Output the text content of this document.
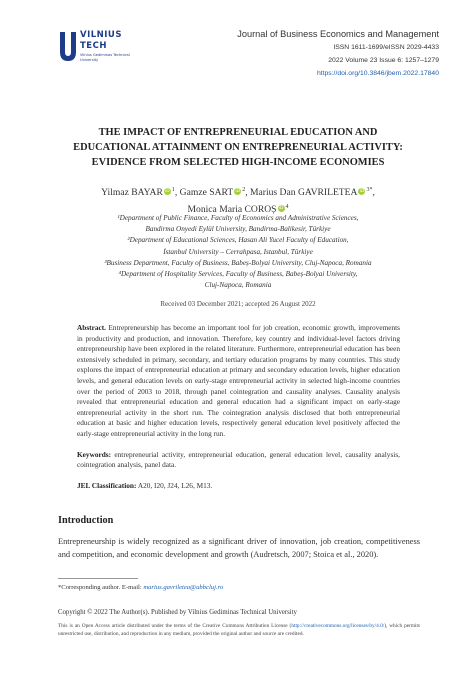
VILNIUS
TECH
Vilnius Gediminas Technical University
Journal of Business Economics and Management
ISSN 1611-1699/eISSN 2029-4433
2022 Volume 23 Issue 6: 1257–1279
https://doi.org/10.3846/jbem.2022.17840
THE IMPACT OF ENTREPRENEURIAL EDUCATION AND
EDUCATIONAL ATTAINMENT ON ENTREPRENEURIAL ACTIVITY:
EVIDENCE FROM SELECTED HIGH-INCOME ECONOMIES
Yilmaz BAYAR iD $^1$, Gamze SART iD $^2$, Marius Dan GAVRILETEA iD $^{3*}$,
Monica Maria COROȘ iD $^4$
¹Department of Public Finance, Faculty of Economics and Administrative Sciences,
Bandirma Onyedi Eylül University, Bandirma-Balikesir, Türkiye
²Department of Educational Sciences, Hasan Ali Yucel Faculty of Education,
İstanbul University – Cerrahpasa, Istanbul, Türkiye
³Business Department, Faculty of Business, Babeș-Bolyai University, Cluj-Napoca, Romania
⁴Department of Hospitality Services, Faculty of Business, Babeș-Bolyai University,
Cluj-Napoca, Romania
Received 03 December 2021; accepted 26 August 2022
Abstract. Entrepreneurship has become an important tool for job creation, economic growth, improvements in productivity and production, and innovation. Therefore, key country and individual-level factors driving entrepreneurship have been explored in the related literature. Furthermore, entrepreneurial education has been extensively scheduled in primary, secondary, and tertiary education programs by many countries. This study explores the impact of entrepreneurial education at primary and secondary education levels, higher education levels, and general education levels on early-stage entrepreneurial activity in selected high-income countries over the period of 2003 to 2018, through panel cointegration and causality analyses. Causality analysis revealed that entrepreneurial education and general education had a significant impact on early-stage entrepreneurial activity in the short run. The cointegration analysis disclosed that both entrepreneurial education at basic and higher education levels, respectively general education level positively affected the early-stage entrepreneurial activity in the long run.
Keywords: entrepreneurial activity, entrepreneurial education, general education level, causality analysis, cointegration analysis, panel data.
JEL Classification: A20, I20, J24, L26, M13.
Introduction
Entrepreneurship is widely recognized as a significant driver of innovation, job creation, competitiveness and competition, and economic development and growth (Audretsch, 2007; Stoica et al., 2020).
*Corresponding author. E-mail: marius.gavriletea@ubbcluj.ro
Copyright © 2022 The Author(s). Published by Vilnius Gediminas Technical University
This is an Open Access article distributed under the terms of the Creative Commons Attribution License (http://creativecommons.org/licenses/by/4.0/), which permits unrestricted use, distribution, and reproduction in any medium, provided the original author and source are credited.
